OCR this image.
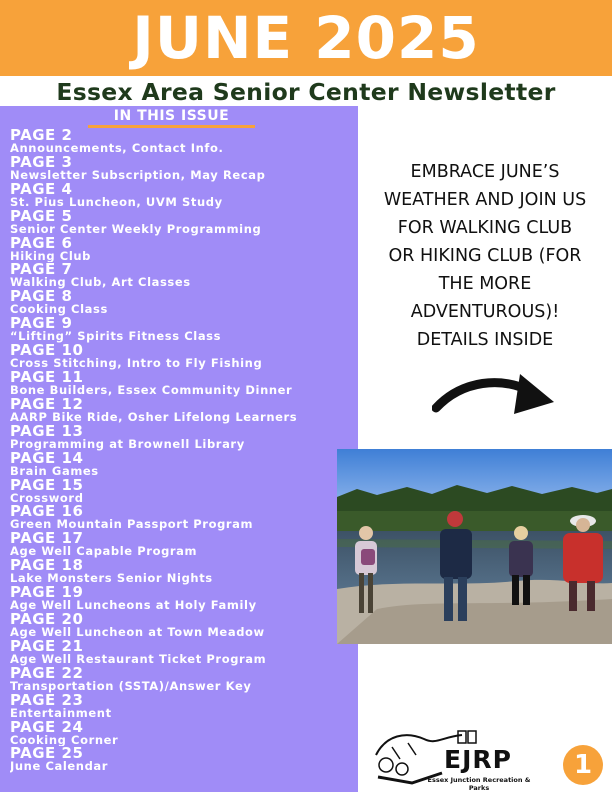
JUNE 2025
Essex Area Senior Center Newsletter
IN THIS ISSUE
PAGE 2
Announcements, Contact Info.
PAGE 3
Newsletter Subscription, May Recap
PAGE 4
St. Pius Luncheon, UVM Study
PAGE 5
Senior Center Weekly Programming
PAGE 6
Hiking Club
PAGE 7
Walking Club, Art Classes
PAGE 8
Cooking Class
PAGE 9
“Lifting” Spirits Fitness Class
PAGE 10
Cross Stitching, Intro to Fly Fishing
PAGE 11
Bone Builders, Essex Community Dinner
PAGE 12
AARP Bike Ride, Osher Lifelong Learners
PAGE 13
Programming at Brownell Library
PAGE 14
Brain Games
PAGE 15
Crossword
PAGE 16
Green Mountain Passport Program
PAGE 17
Age Well Capable Program
PAGE 18
Lake Monsters Senior Nights
PAGE 19
Age Well Luncheons at Holy Family
PAGE 20
Age Well Luncheon at Town Meadow
PAGE 21
Age Well Restaurant Ticket Program
PAGE 22
Transportation (SSTA)/Answer Key
PAGE 23
Entertainment
PAGE 24
Cooking Corner
PAGE 25
June Calendar
EMBRACE JUNE’S
WEATHER AND JOIN US
FOR WALKING CLUB
OR HIKING CLUB (FOR
THE MORE
ADVENTUROUS)!
DETAILS INSIDE
EJRP
Essex Junction Recreation & Parks
1
